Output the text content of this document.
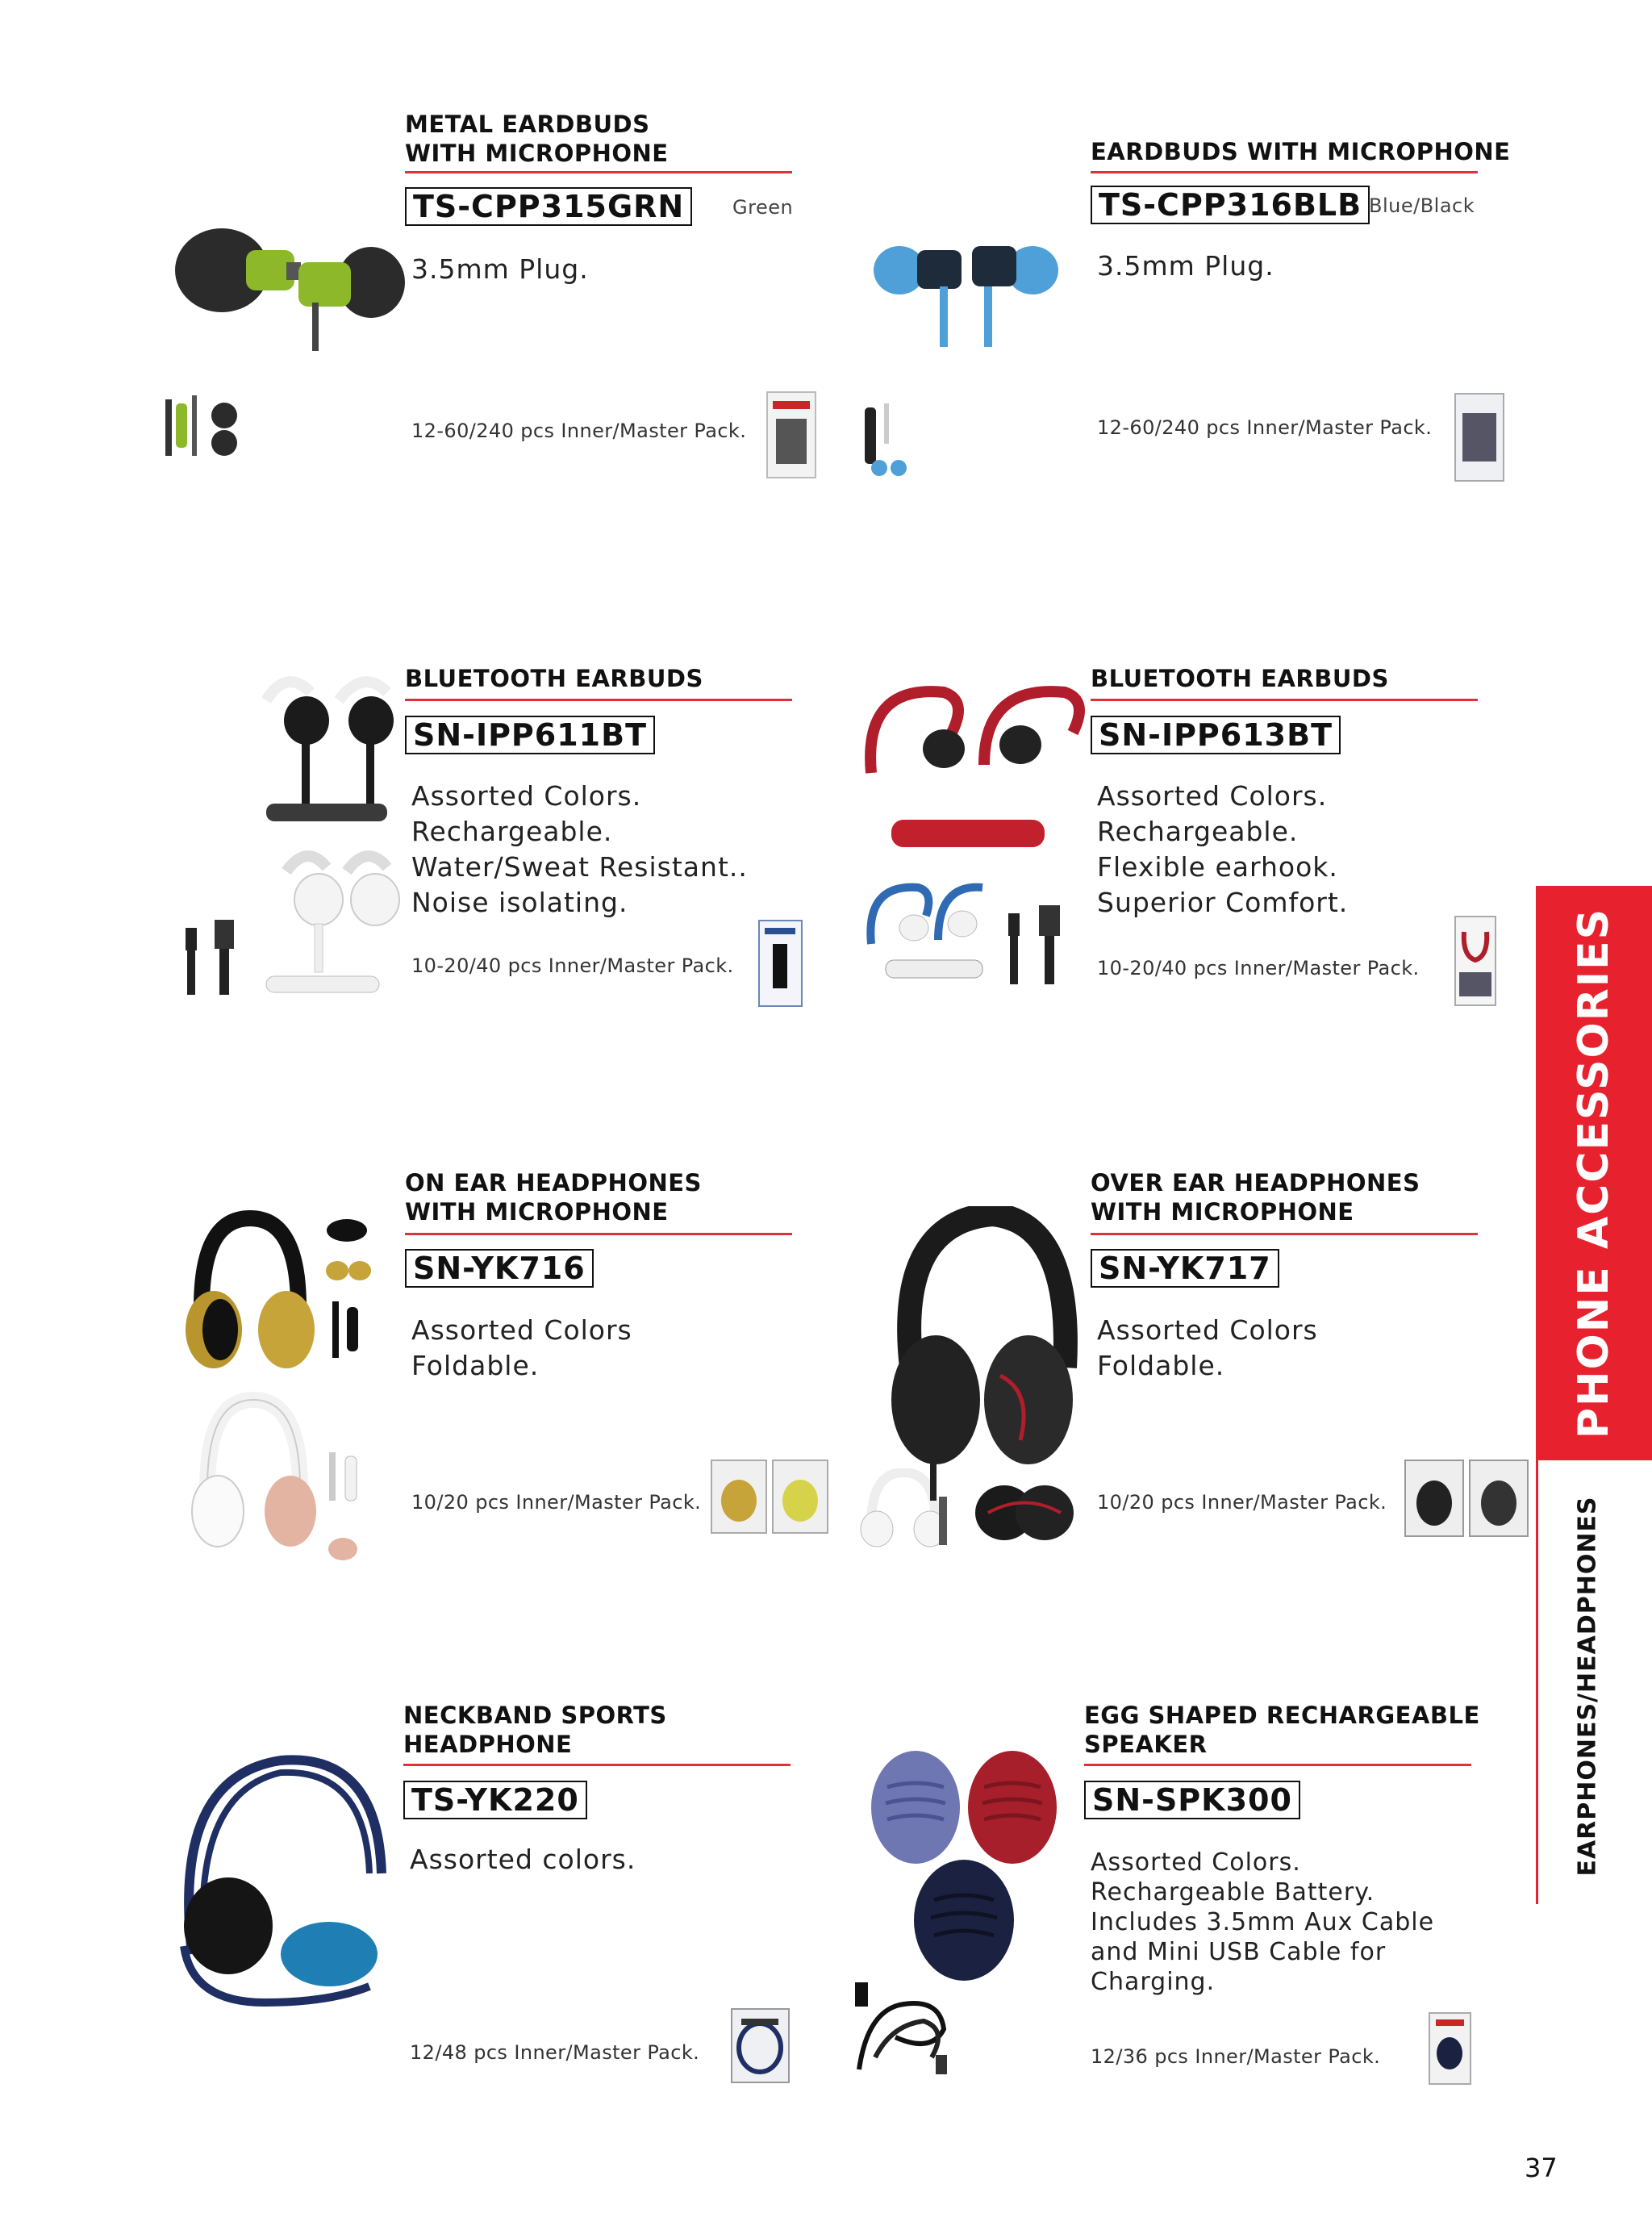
METAL EARDBUDS
WITH MICROPHONE
TS-CPP315GRN	Green
3.5mm Plug.
12-60/240 pcs Inner/Master Pack.
EARDBUDS WITH MICROPHONE
TS-CPP316BLB Blue/Black
3.5mm Plug.
12-60/240 pcs Inner/Master Pack.
BLUETOOTH EARBUDS
SN-IPP611BT
Assorted Colors.
Rechargeable.
Water/Sweat Resistant..
Noise isolating.
10-20/40 pcs Inner/Master Pack.
BLUETOOTH EARBUDS
SN-IPP613BT
Assorted Colors.
Rechargeable.
Flexible earhook.
Superior Comfort.
10-20/40 pcs Inner/Master Pack.
ON EAR HEADPHONES
WITH MICROPHONE
SN-YK716
Assorted Colors
Foldable.
10/20 pcs Inner/Master Pack.
OVER EAR HEADPHONES
WITH MICROPHONE
SN-YK717
Assorted Colors
Foldable.
10/20 pcs Inner/Master Pack.
NECKBAND SPORTS
HEADPHONE
TS-YK220
Assorted colors.
12/48 pcs Inner/Master Pack.
EGG SHAPED RECHARGEABLE
SPEAKER
SN-SPK300
Assorted Colors.
Rechargeable Battery.
Includes 3.5mm Aux Cable
and Mini USB Cable for
Charging.
12/36 pcs Inner/Master Pack.
PHONE ACCESSORIES
EARPHONES/HEADPHONES
37
